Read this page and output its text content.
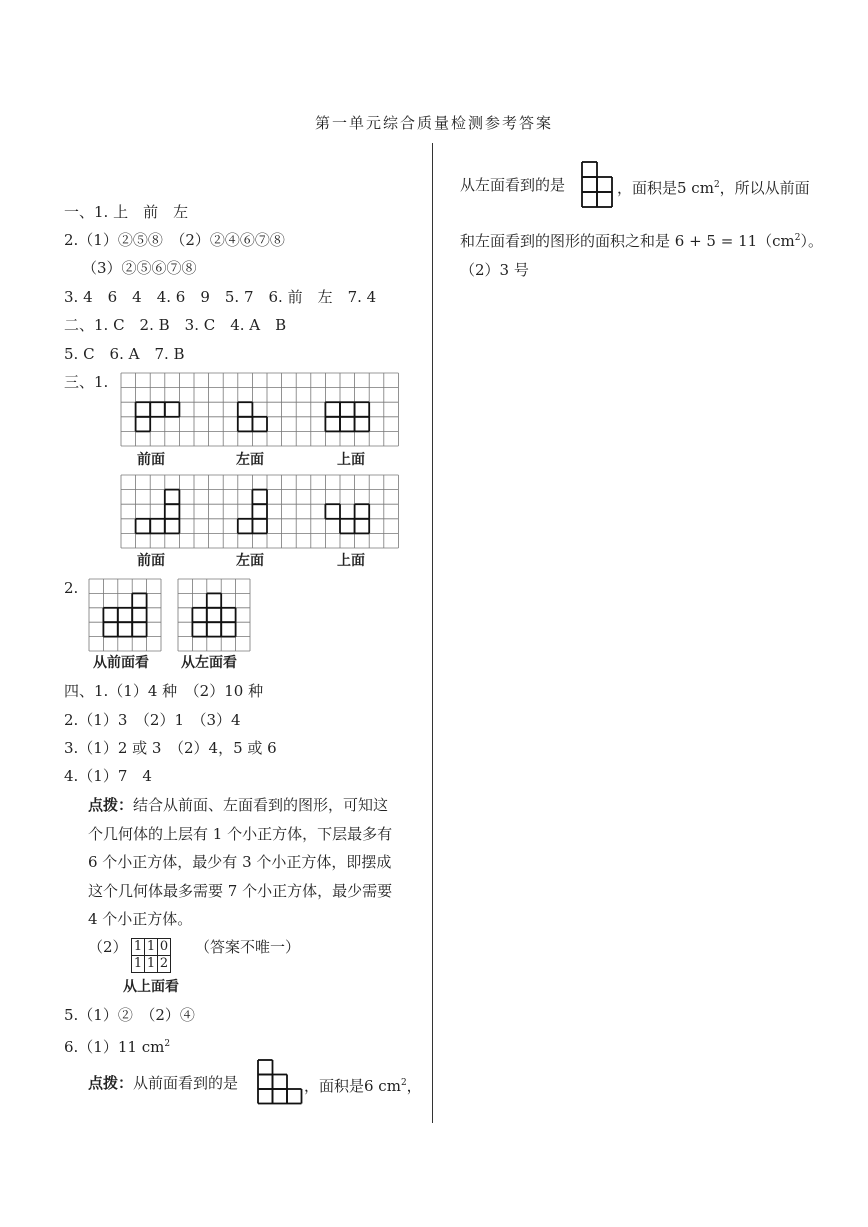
第一单元综合质量检测参考答案
一、1. 上　前　左
2.（1）②⑤⑧　（2）②④⑥⑦⑧
（3）②⑤⑥⑦⑧
3. 4　6　4　4. 6　9　5. 7　6. 前　左　7. 4
二、1. C　2. B　3. C　4. A　B
5. C　6. A　7. B
三、1.
前面	左面	上面
前面	左面	上面
2.
从前面看 从左面看
四、1.（1）4 种　（2）10 种
2.（1）3　（2）1　（3）4
3.（1）2 或 3　（2）4，5 或 6
4.（1）7　4
点拨：结合从前面、左面看到的图形，可知这
个几何体的上层有 1 个小正方体，下层最多有
6 个小正方体，最少有 3 个小正方体，即摆成
这个几何体最多需要 7 个小正方体，最少需要
4 个小正方体。
（2） 1	1	0
1	1	2
（答案不唯一）
从上面看
5.（1）②　（2）④
6.（1）11 $cm^2$
点拨：从前面看到的是	，面积是6 $cm^2$，
从左面看到的是	，面积是5 $cm^2$，所以从前面
和左面看到的图形的面积之和是 $6 + 5 = 11(cm^2)$。
（2）3 号
